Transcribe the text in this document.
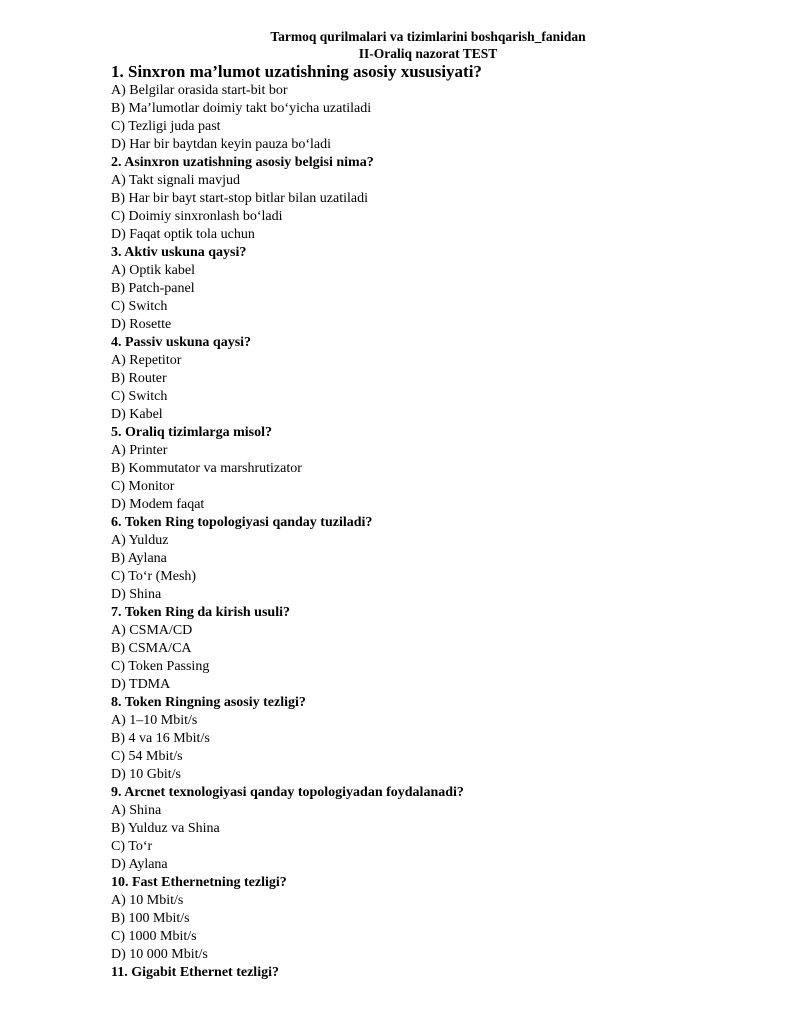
Tarmoq qurilmalari va tizimlarini boshqarish_fanidan
II-Oraliq nazorat TEST
1. Sinxron ma’lumot uzatishning asosiy xususiyati?
A) Belgilar orasida start-bit bor
B) Ma’lumotlar doimiy takt bo‘yicha uzatiladi
C) Tezligi juda past
D) Har bir baytdan keyin pauza bo‘ladi
2. Asinxron uzatishning asosiy belgisi nima?
A) Takt signali mavjud
B) Har bir bayt start-stop bitlar bilan uzatiladi
C) Doimiy sinxronlash bo‘ladi
D) Faqat optik tola uchun
3. Aktiv uskuna qaysi?
A) Optik kabel
B) Patch-panel
C) Switch
D) Rosette
4. Passiv uskuna qaysi?
A) Repetitor
B) Router
C) Switch
D) Kabel
5. Oraliq tizimlarga misol?
A) Printer
B) Kommutator va marshrutizator
C) Monitor
D) Modem faqat
6. Token Ring topologiyasi qanday tuziladi?
A) Yulduz
B) Aylana
C) To‘r (Mesh)
D) Shina
7. Token Ring da kirish usuli?
A) CSMA/CD
B) CSMA/CA
C) Token Passing
D) TDMA
8. Token Ringning asosiy tezligi?
A) 1–10 Mbit/s
B) 4 va 16 Mbit/s
C) 54 Mbit/s
D) 10 Gbit/s
9. Arcnet texnologiyasi qanday topologiyadan foydalanadi?
A) Shina
B) Yulduz va Shina
C) To‘r
D) Aylana
10. Fast Ethernetning tezligi?
A) 10 Mbit/s
B) 100 Mbit/s
C) 1000 Mbit/s
D) 10 000 Mbit/s
11. Gigabit Ethernet tezligi?
